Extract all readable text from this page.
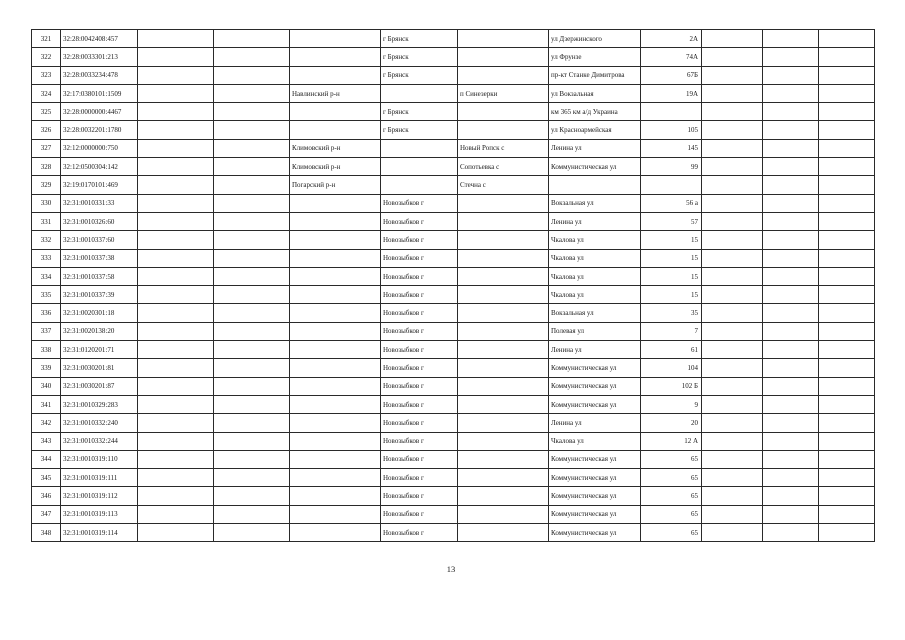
321	32:28:0042408:457				г Брянск		ул Дзержинского	2А			
322	32:28:0033301:213				г Брянск		ул Фрунзе	74А			
323	32:28:0033234:478				г Брянск		пр-кт Станке Димитрова	67Б			
324	32:17:0380101:1509			Навлинский р-н		п Синезерки	ул Вокзальная	19А			
325	32:28:0000000:4467				г Брянск		км 365 км а/д Украина				
326	32:28:0032201:1780				г Брянск		ул Красноармейская	105			
327	32:12:0000000:750			Климовский р-н		Новый Ропск с	Ленина ул	145			
328	32:12:0500304:142			Климовский р-н		Сопотьевка с	Коммунистическая ул	99			
329	32:19:0170101:469			Погарский р-н		Стечна с					
330	32:31:0010331:33				Новозыбков г		Вокзальная ул	56 а			
331	32:31:0010326:60				Новозыбков г		Ленина ул	57			
332	32:31:0010337:60				Новозыбков г		Чкалова ул	15			
333	32:31:0010337:38				Новозыбков г		Чкалова ул	15			
334	32:31:0010337:58				Новозыбков г		Чкалова ул	15			
335	32:31:0010337:39				Новозыбков г		Чкалова ул	15			
336	32:31:0020301:18				Новозыбков г		Вокзальная ул	35			
337	32:31:0020138:20				Новозыбков г		Полевая ул	7			
338	32:31:0120201:71				Новозыбков г		Ленина ул	61			
339	32:31:0030201:81				Новозыбков г		Коммунистическая ул	104			
340	32:31:0030201:87				Новозыбков г		Коммунистическая ул	102 Б			
341	32:31:0010329:283				Новозыбков г		Коммунистическая ул	9			
342	32:31:0010332:240				Новозыбков г		Ленина ул	20			
343	32:31:0010332:244				Новозыбков г		Чкалова ул	12 А			
344	32:31:0010319:110				Новозыбков г		Коммунистическая ул	65			
345	32:31:0010319:111				Новозыбков г		Коммунистическая ул	65			
346	32:31:0010319:112				Новозыбков г		Коммунистическая ул	65			
347	32:31:0010319:113				Новозыбков г		Коммунистическая ул	65			
348	32:31:0010319:114				Новозыбков г		Коммунистическая ул	65			
13
